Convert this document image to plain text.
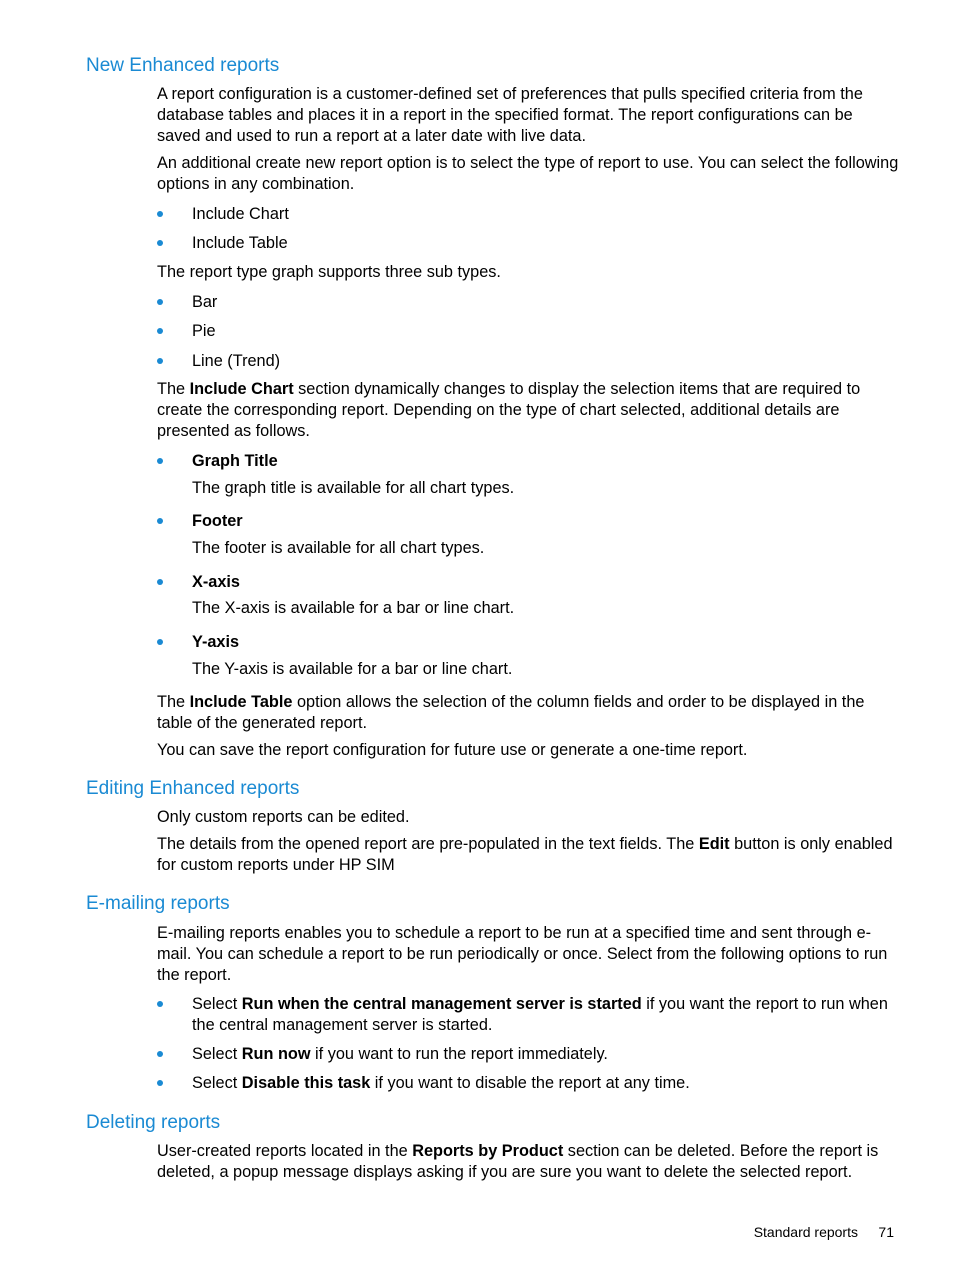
New Enhanced reports

A report configuration is a customer-defined set of preferences that pulls specified criteria from the database tables and places it in a report in the specified format. The report configurations can be saved and used to run a report at a later date with live data.

An additional create new report option is to select the type of report to use. You can select the following options in any combination.

Include Chart
Include Table

The report type graph supports three sub types.

Bar
Pie
Line (Trend)

The Include Chart section dynamically changes to display the selection items that are required to create the corresponding report. Depending on the type of chart selected, additional details are presented as follows.

Graph Title
The graph title is available for all chart types.
Footer
The footer is available for all chart types.
X-axis
The X-axis is available for a bar or line chart.
Y-axis
The Y-axis is available for a bar or line chart.

The Include Table option allows the selection of the column fields and order to be displayed in the table of the generated report.

You can save the report configuration for future use or generate a one-time report.

Editing Enhanced reports

Only custom reports can be edited.

The details from the opened report are pre-populated in the text fields. The Edit button is only enabled for custom reports under HP SIM

E-mailing reports

E-mailing reports enables you to schedule a report to be run at a specified time and sent through e-mail. You can schedule a report to be run periodically or once. Select from the following options to run the report.

Select Run when the central management server is started if you want the report to run when the central management server is started.
Select Run now if you want to run the report immediately.
Select Disable this task if you want to disable the report at any time.
Deleting reports

User-created reports located in the Reports by Product section can be deleted. Before the report is deleted, a popup message displays asking if you are sure you want to delete the selected report.

Standard reports 71
